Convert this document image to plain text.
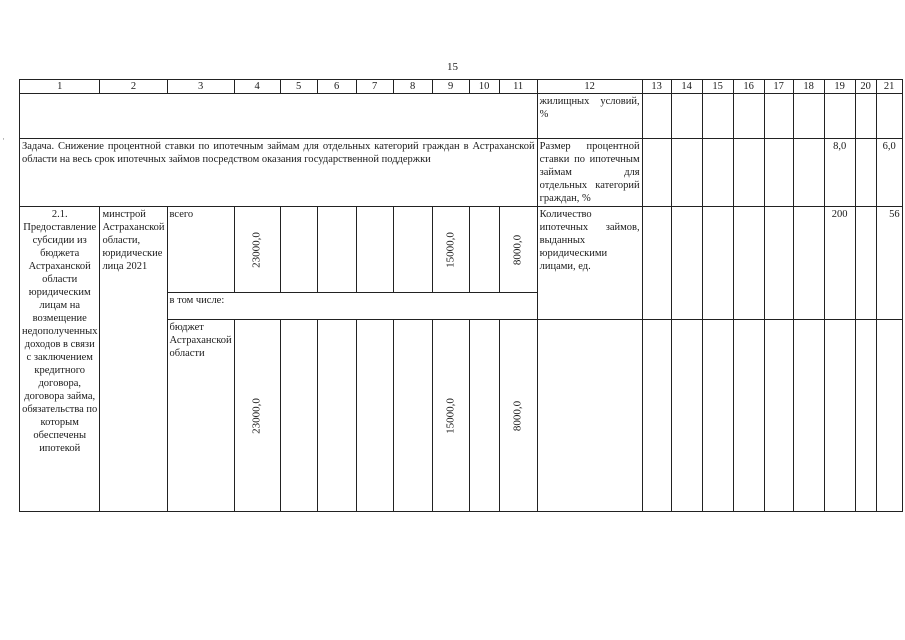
15
·
1	2	3	4	5	6	7	8	9	10	11	12	13	14	15	16	17	18	19	20	21
											жилищных условий, %									
Задача. Снижение процентной ставки по ипотечным займам для отдельных категорий граждан в Астраханской области на весь срок ипотечных займов посредством оказания государственной поддержки											Размер процентной ставки по ипотечным займам для отдельных категорий граждан, %							8,0		6,0
2.1. Предоставление субсидии из бюджета Астраханской области юридическим лицам на возмещение недополученных доходов в связи с заключением кредитного договора, договора займа, обязательства по которым обеспечены ипотекой	минстрой Астраханской области, юридические лица 2021	всего	23000,0					15000,0		8000,0	Количество ипотечных займов, выданных юридическими лицами, ед.							200		56
		в том числе:																		
		бюджет Астраханской области	23000,0					15000,0		8000,0										
